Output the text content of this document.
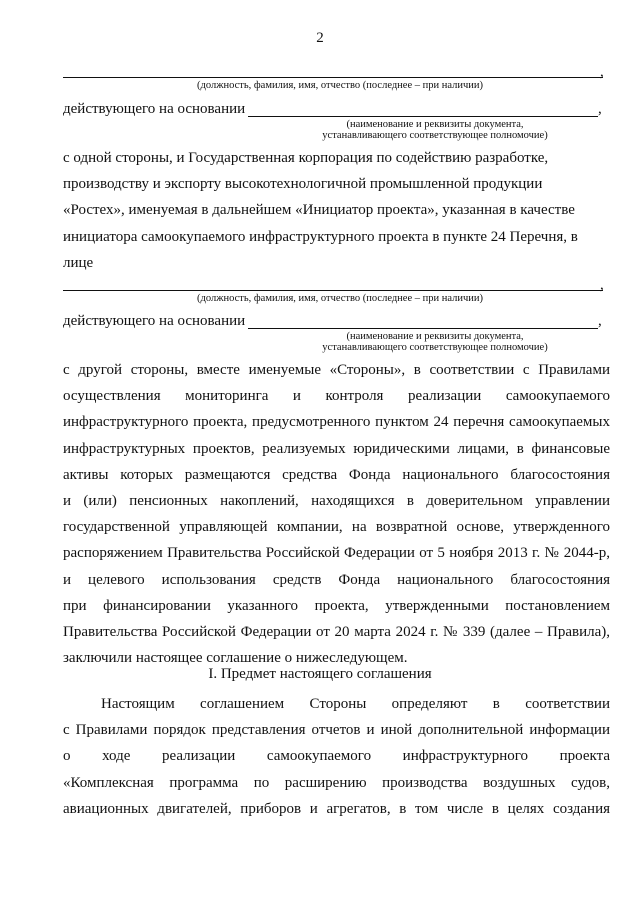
2
,
(должность, фамилия, имя, отчество (последнее – при наличии)
действующего на основании	,
(наименование и реквизиты документа,
устанавливающего соответствующее полномочие)
с одной стороны, и Государственная корпорация по содействию разработке,
производству и экспорту высокотехнологичной промышленной продукции
«Ростех», именуемая в дальнейшем «Инициатор проекта», указанная в качестве
инициатора самоокупаемого инфраструктурного проекта в пункте 24 Перечня, в
лице
,
(должность, фамилия, имя, отчество (последнее – при наличии)
действующего на основании	,
(наименование и реквизиты документа,
устанавливающего соответствующее полномочие)
с другой стороны, вместе именуемые «Стороны», в соответствии с Правилами
осуществления мониторинга и контроля реализации самоокупаемого
инфраструктурного проекта, предусмотренного пунктом 24 перечня самоокупаемых
инфраструктурных проектов, реализуемых юридическими лицами, в финансовые
активы которых размещаются средства Фонда национального благосостояния
и (или) пенсионных накоплений, находящихся в доверительном управлении
государственной управляющей компании, на возвратной основе, утвержденного
распоряжением Правительства Российской Федерации от 5 ноября 2013 г. № 2044-р,
и целевого использования средств Фонда национального благосостояния
при финансировании указанного проекта, утвержденными постановлением
Правительства Российской Федерации от 20 марта 2024 г. № 339 (далее – Правила),
заключили настоящее соглашение о нижеследующем.
I. Предмет настоящего соглашения
Настоящим соглашением Стороны определяют в соответствии
с Правилами порядок представления отчетов и иной дополнительной информации
о ходе реализации самоокупаемого инфраструктурного проекта
«Комплексная программа по расширению производства воздушных судов,
авиационных двигателей, приборов и агрегатов, в том числе в целях создания
